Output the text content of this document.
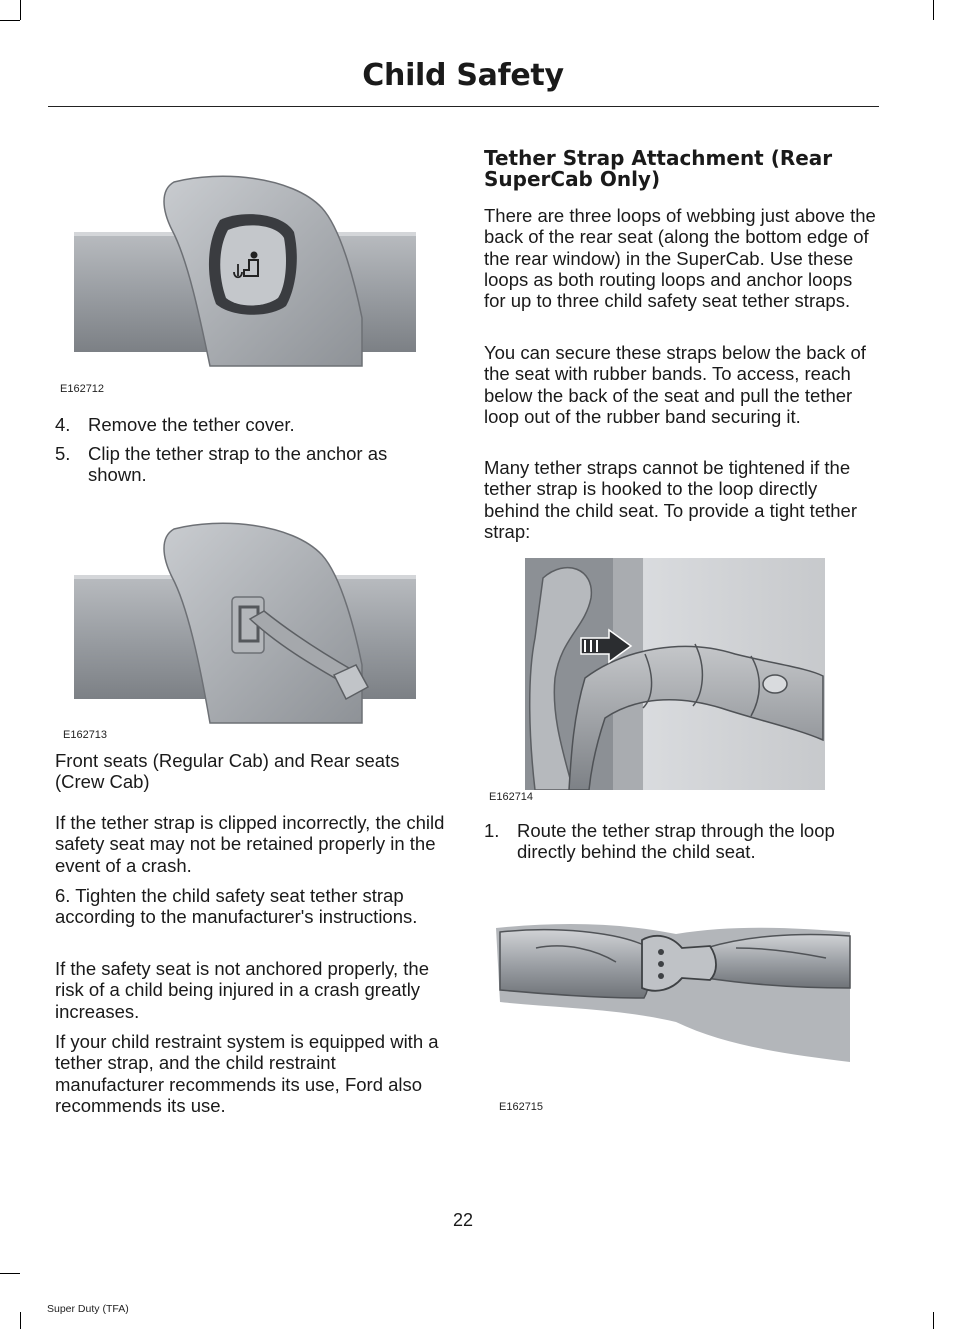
Child Safety
E162712
4. Remove the tether cover.
5. Clip the tether strap to the anchor as shown.
E162713
Front seats (Regular Cab) and Rear seats (Crew Cab)
If the tether strap is clipped incorrectly, the child safety seat may not be retained properly in the event of a crash.
6. Tighten the child safety seat tether strap according to the manufacturer's instructions.
If the safety seat is not anchored properly, the risk of a child being injured in a crash greatly increases.
If your child restraint system is equipped with a tether strap, and the child restraint manufacturer recommends its use, Ford also recommends its use.
Tether Strap Attachment (Rear SuperCab Only)
There are three loops of webbing just above the back of the rear seat (along the bottom edge of the rear window) in the SuperCab. Use these loops as both routing loops and anchor loops for up to three child safety seat tether straps.
You can secure these straps below the back of the seat with rubber bands. To access, reach below the back of the seat and pull the tether loop out of the rubber band securing it.
Many tether straps cannot be tightened if the tether strap is hooked to the loop directly behind the child seat. To provide a tight tether strap:
E162714
1. Route the tether strap through the loop directly behind the child seat.
E162715
22
Super Duty (TFA)
